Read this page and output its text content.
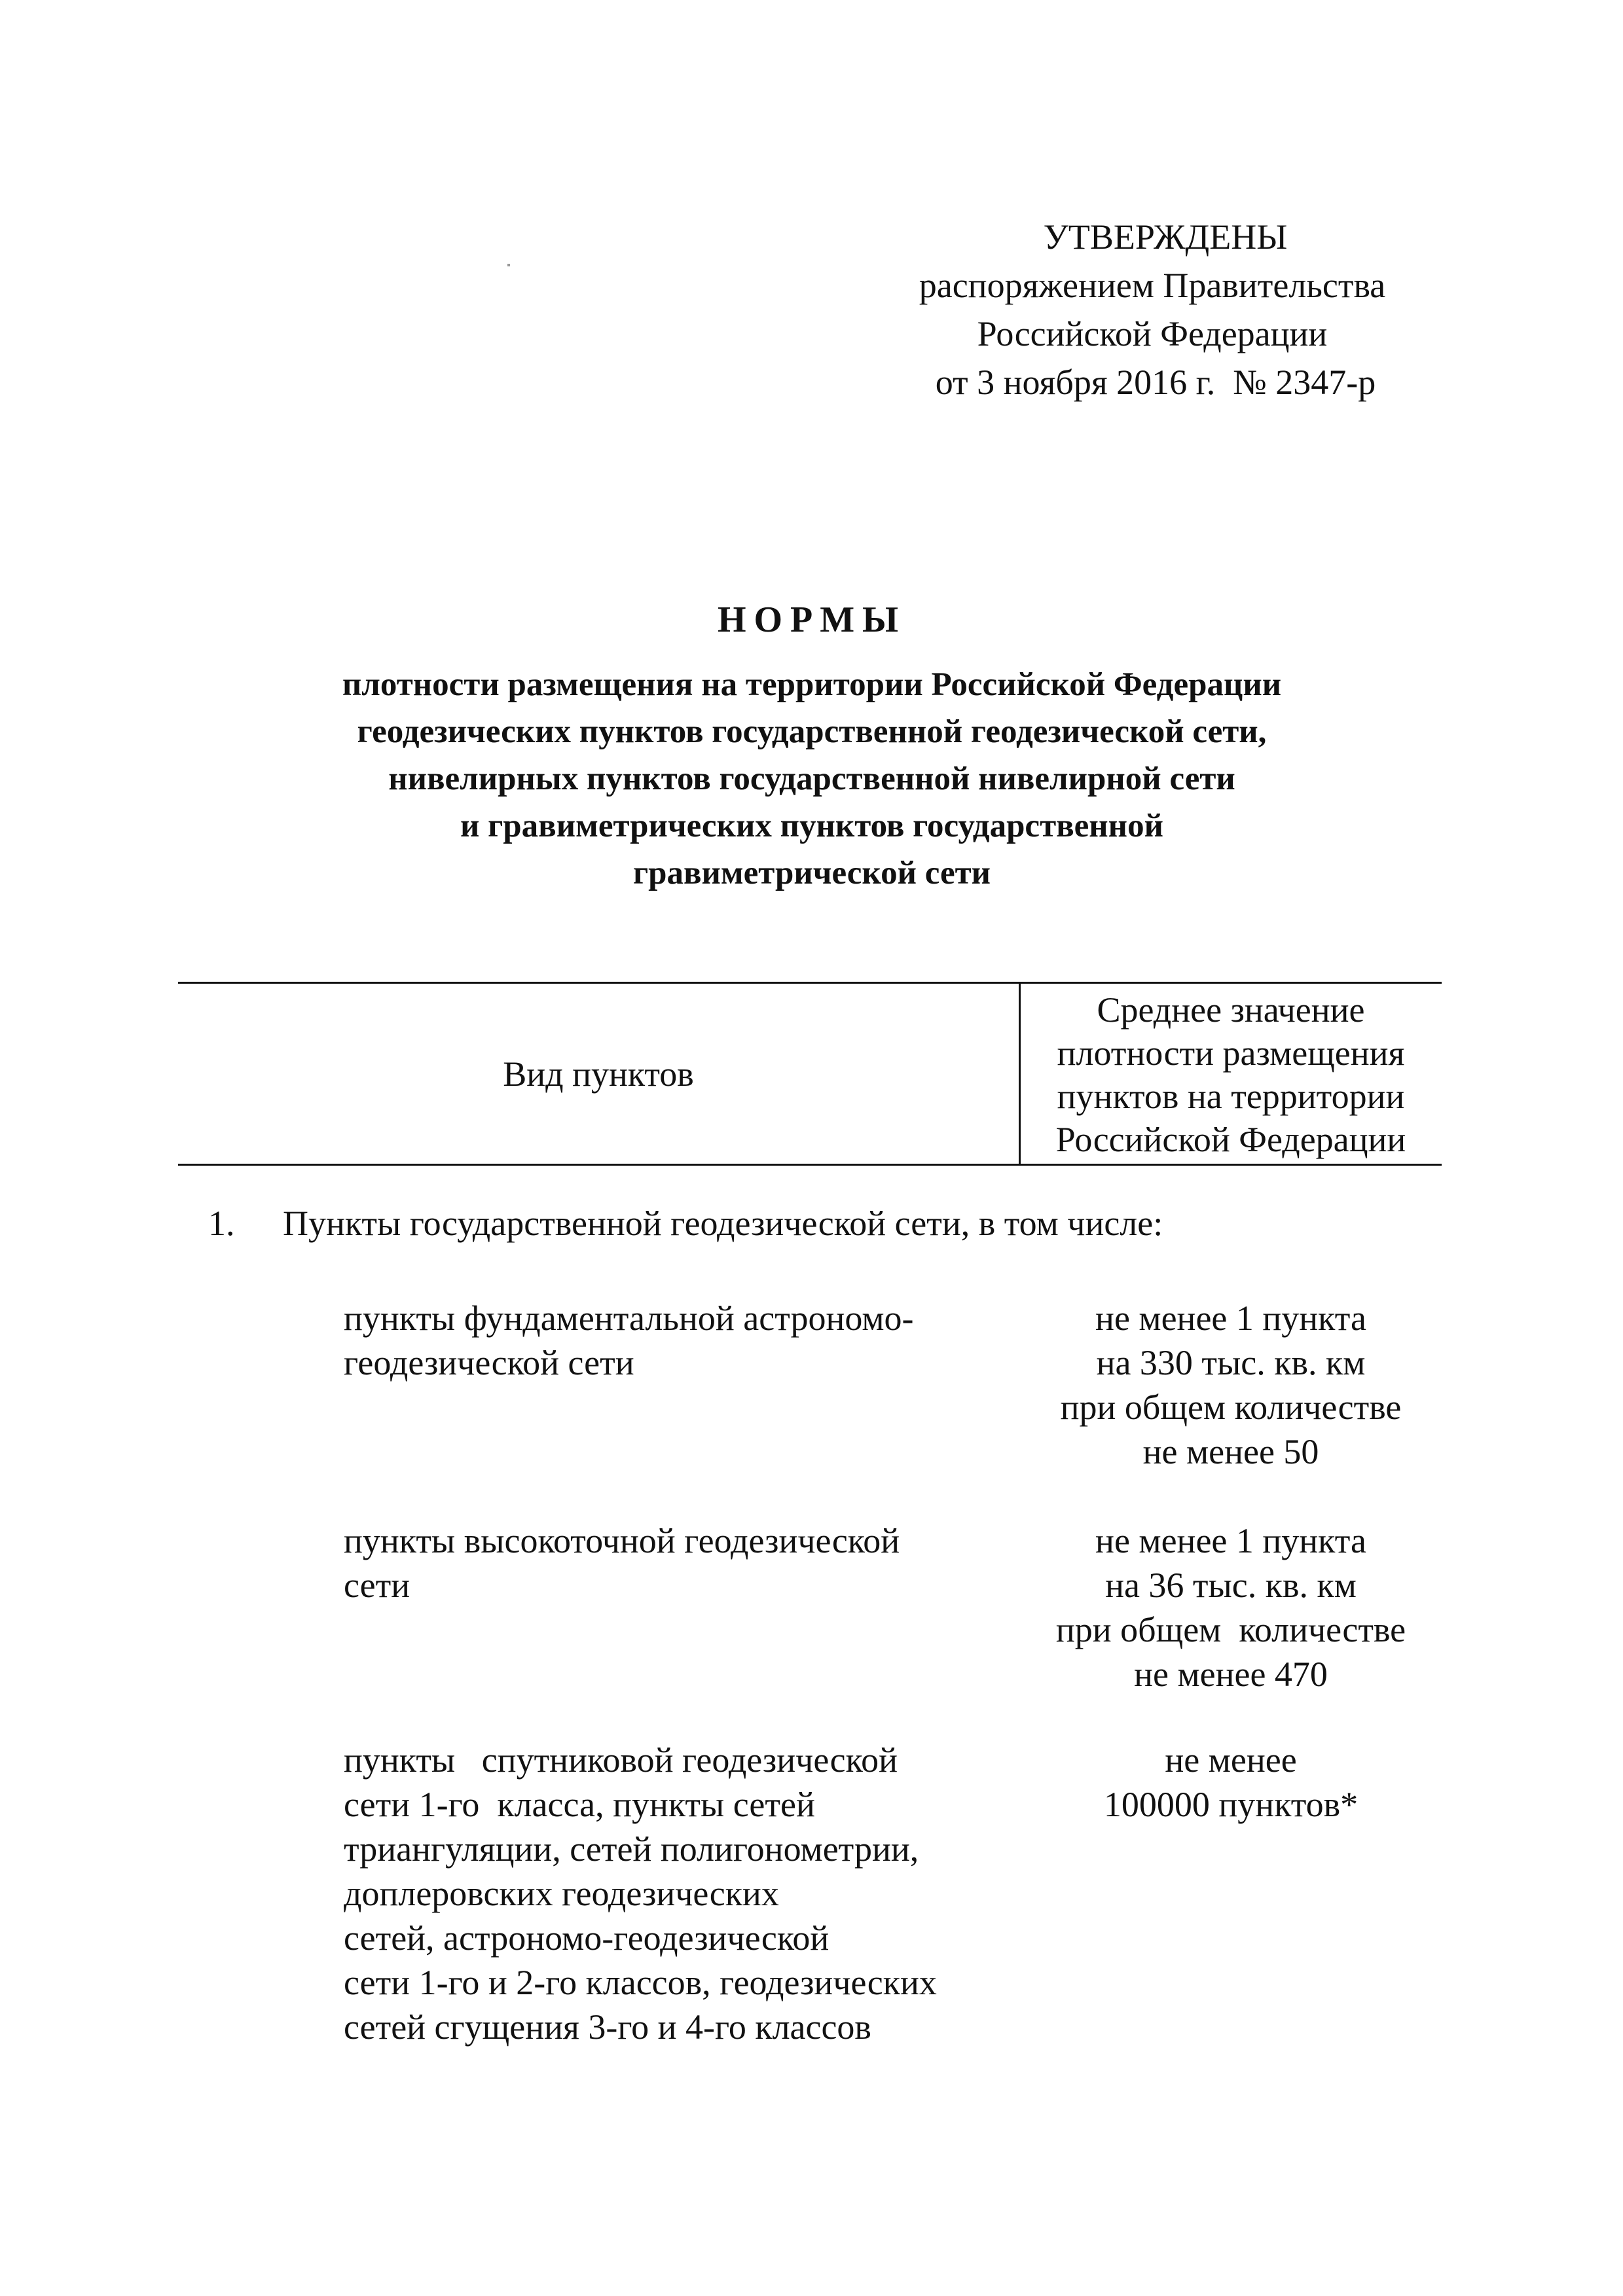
УТВЕРЖДЕНЫ
распоряжением Правительства
Российской Федерации
от 3 ноября 2016 г.  № 2347-р
НОРМЫ
плотности размещения на территории Российской Федерации
геодезических пунктов государственной геодезической сети,
нивелирных пунктов государственной нивелирной сети
и гравиметрических пунктов государственной
гравиметрической сети
Вид пунктов
Среднее значение
плотности размещения
пунктов на территории
Российской Федерации
1. Пункты государственной геодезической сети, в том числе:
пункты фундаментальной астрономо-
геодезической сети
не менее 1 пункта
на 330 тыс. кв. км
при общем количестве
не менее 50
пункты высокоточной геодезической
сети
не менее 1 пункта
на 36 тыс. кв. км
при общем  количестве
не менее 470
пункты   спутниковой геодезической
сети 1-го  класса, пункты сетей
триангуляции, сетей полигонометрии,
доплеровских геодезических
сетей, астрономо-геодезической
сети 1-го и 2-го классов, геодезических
сетей сгущения 3-го и 4-го классов
не менее
100000 пунктов*
